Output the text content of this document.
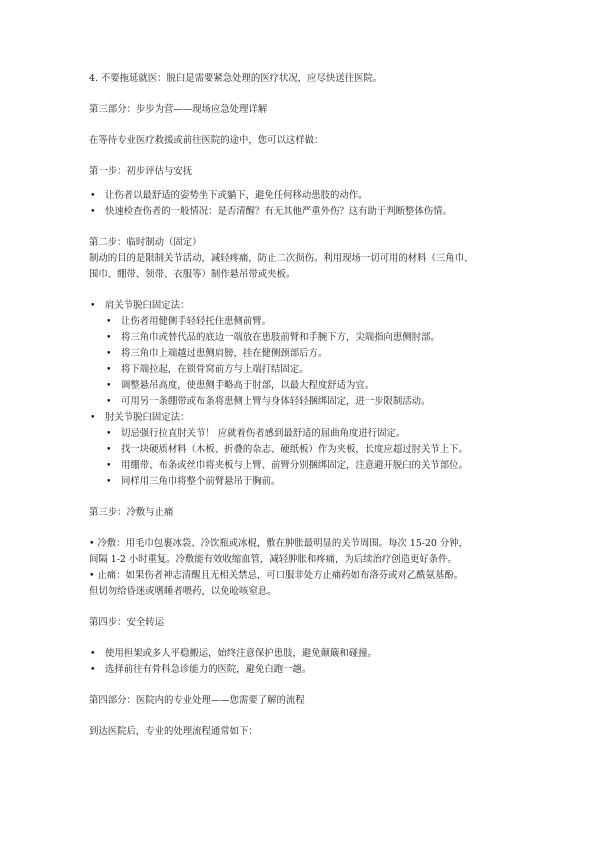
4. 不要拖延就医：脱臼是需要紧急处理的医疗状况，应尽快送往医院。
第三部分：步步为营——现场应急处理详解
在等待专业医疗救援或前往医院的途中，您可以这样做：
第一步：初步评估与安抚
• 让伤者以最舒适的姿势坐下或躺下，避免任何移动患肢的动作。
• 快速检查伤者的一般情况：是否清醒？有无其他严重外伤？这有助于判断整体伤情。
第二步：临时制动（固定）
制动的目的是限制关节活动，减轻疼痛，防止二次损伤。利用现场一切可用的材料（三角巾、
围巾、绷带、领带、衣服等）制作悬吊带或夹板。
• 肩关节脱臼固定法：
• 让伤者用健侧手轻轻托住患侧前臂。
• 将三角巾或替代品的底边一端放在患肢前臂和手腕下方，尖端指向患侧肘部。
• 将三角巾上端越过患侧肩膀，挂在健侧颈部后方。
• 将下端拉起，在锁骨窝前方与上端打结固定。
• 调整悬吊高度，使患侧手略高于肘部，以最大程度舒适为宜。
• 可用另一条绷带或布条将患侧上臂与身体轻轻捆绑固定，进一步限制活动。
• 肘关节脱臼固定法：
• 切忌强行拉直肘关节！ 应就着伤者感到最舒适的屈曲角度进行固定。
• 找一块硬质材料（木板、折叠的杂志、硬纸板）作为夹板，长度应超过肘关节上下。
• 用绷带、布条或丝巾将夹板与上臂、前臂分别捆绑固定，注意避开脱臼的关节部位。
• 同样用三角巾将整个前臂悬吊于胸前。
第三步：冷敷与止痛
• 冷敷：用毛巾包裹冰袋、冷饮瓶或冰棍，敷在肿胀最明显的关节周围。每次 15-20 分钟，
间隔 1-2 小时重复。冷敷能有效收缩血管，减轻肿胀和疼痛，为后续治疗创造更好条件。
• 止痛：如果伤者神志清醒且无相关禁忌，可口服非处方止痛药如布洛芬或对乙酰氨基酚。
但切勿给昏迷或嗜睡者喂药，以免呛咳窒息。
第四步：安全转运
• 使用担架或多人平稳搬运，始终注意保护患肢，避免颠簸和碰撞。
• 选择前往有骨科急诊能力的医院，避免白跑一趟。
第四部分：医院内的专业处理——您需要了解的流程
到达医院后，专业的处理流程通常如下：
